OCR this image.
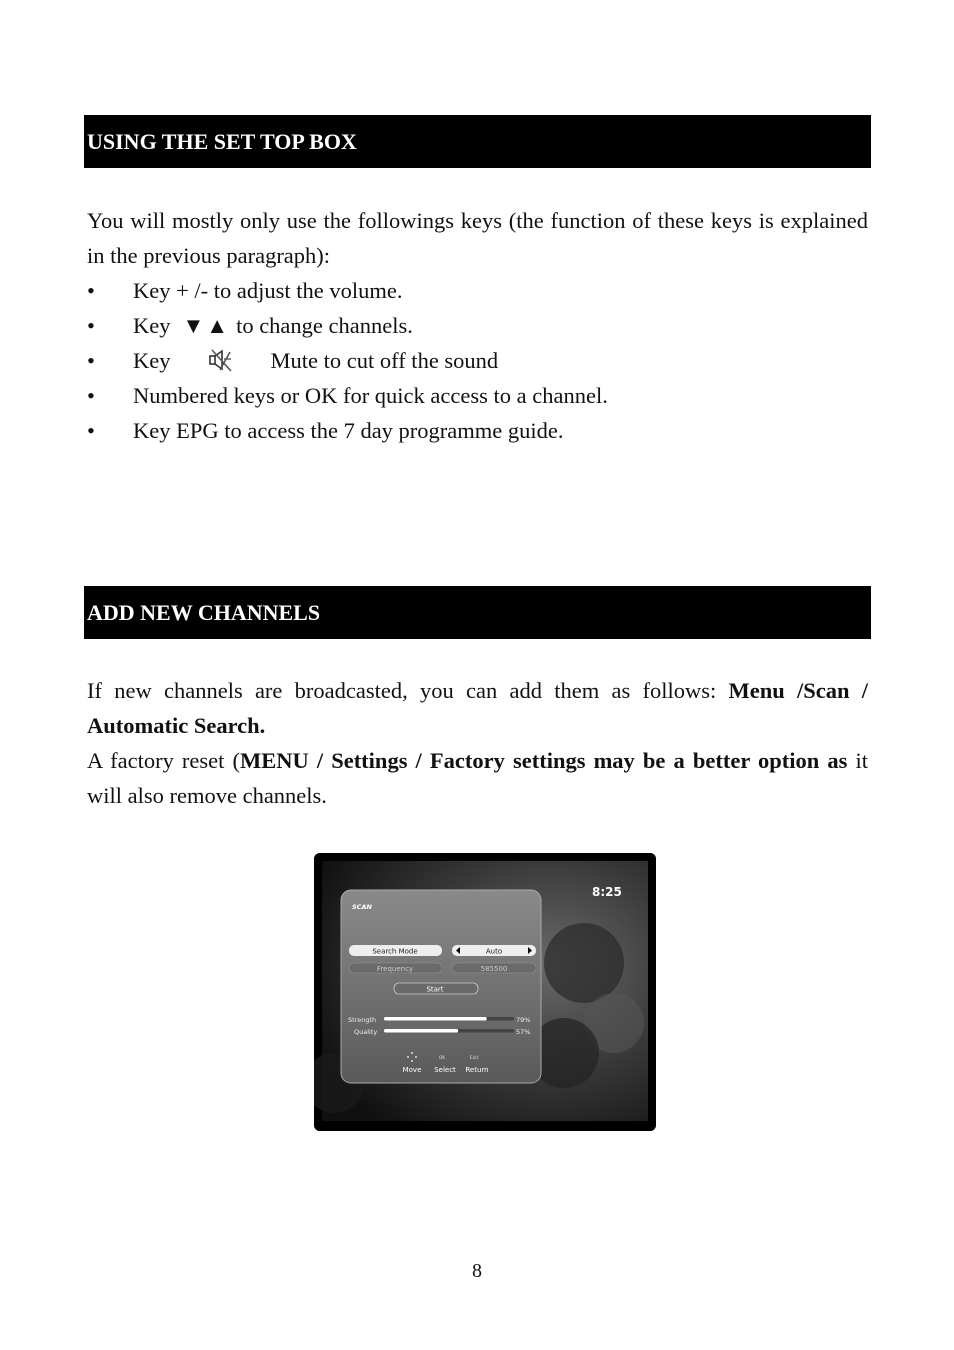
USING THE SET TOP BOX
You will mostly only use the followings keys (the function of these keys is explained in the previous paragraph):
• Key + /- to adjust the volume.
• Key ▼▲ to change channels.
• Key	Mute to cut off the sound
• Numbered keys or OK for quick access to a channel.
• Key EPG to access the 7 day programme guide.
ADD NEW CHANNELS
If new channels are broadcasted, you can add them as follows: Menu /Scan / Automatic Search.
A factory reset (MENU / Settings / Factory settings may be a better option as it will also remove channels.
8:25
SCAN
Search Mode	Auto
Frequency	585500
Start
Strength	79%
Quality	57%
OK	Exit
Move Select Return
8
